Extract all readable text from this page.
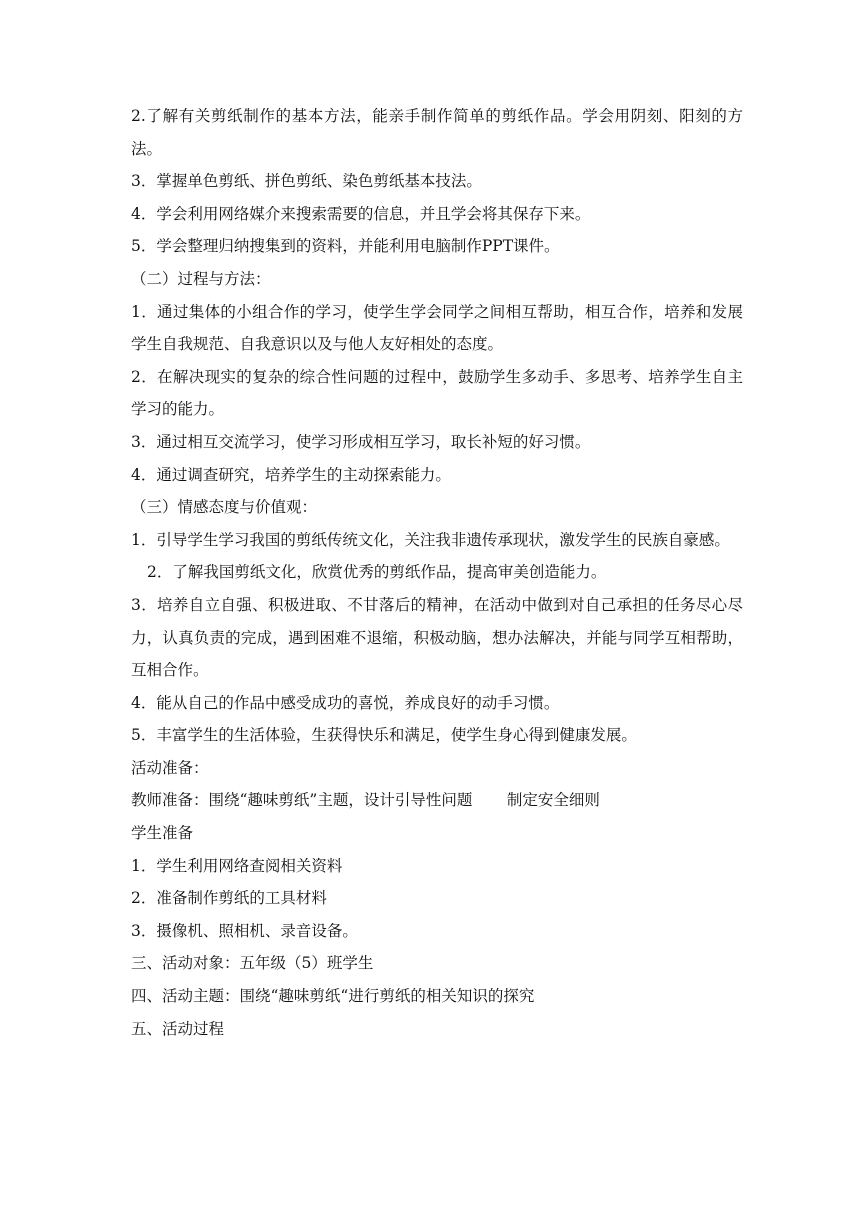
2.了解有关剪纸制作的基本方法，能亲手制作简单的剪纸作品。学会用阴刻、阳刻的方法。

3．掌握单色剪纸、拼色剪纸、染色剪纸基本技法。

4．学会利用网络媒介来搜索需要的信息，并且学会将其保存下来。

5．学会整理归纳搜集到的资料，并能利用电脑制作PPT课件。

（二）过程与方法：

1．通过集体的小组合作的学习，使学生学会同学之间相互帮助，相互合作，培养和发展学生自我规范、自我意识以及与他人友好相处的态度。

2．在解决现实的复杂的综合性问题的过程中，鼓励学生多动手、多思考、培养学生自主学习的能力。

3．通过相互交流学习，使学习形成相互学习，取长补短的好习惯。

4．通过调查研究，培养学生的主动探索能力。

（三）情感态度与价值观：

1．引导学生学习我国的剪纸传统文化，关注我非遗传承现状，激发学生的民族自豪感。

2．了解我国剪纸文化，欣赏优秀的剪纸作品，提高审美创造能力。

3．培养自立自强、积极进取、不甘落后的精神，在活动中做到对自己承担的任务尽心尽力，认真负责的完成，遇到困难不退缩，积极动脑，想办法解决，并能与同学互相帮助，互相合作。

4．能从自己的作品中感受成功的喜悦，养成良好的动手习惯。

5．丰富学生的生活体验，生获得快乐和满足，使学生身心得到健康发展。

活动准备：

教师准备：围绕“趣味剪纸”主题，设计引导性问题       制定安全细则

学生准备

1．学生利用网络查阅相关资料

2．准备制作剪纸的工具材料

3．摄像机、照相机、录音设备。

三、活动对象：五年级（5）班学生

四、活动主题：围绕“趣味剪纸“进行剪纸的相关知识的探究

五、活动过程
